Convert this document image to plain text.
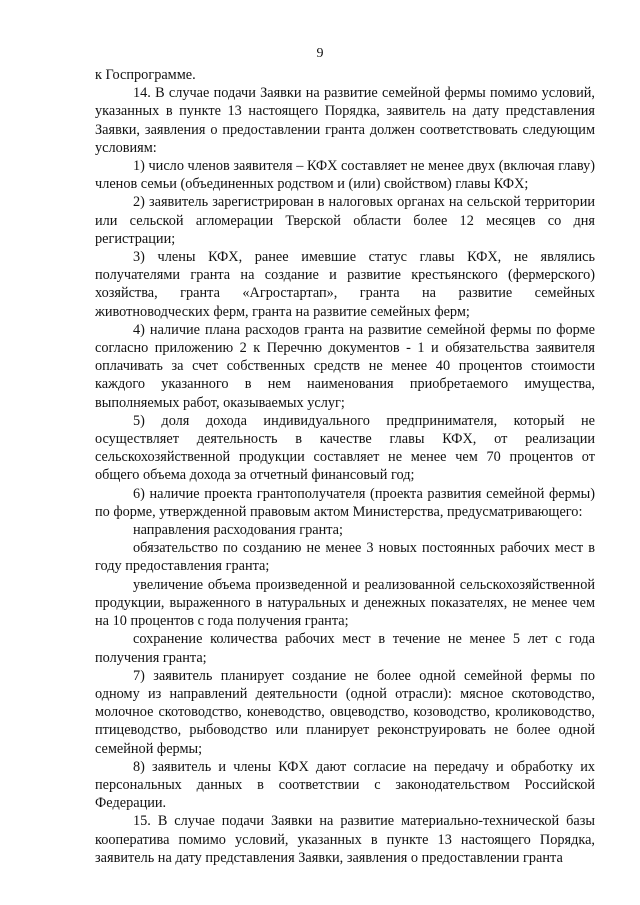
9

к Госпрограмме.

14. В случае подачи Заявки на развитие семейной фермы помимо условий, указанных в пункте 13 настоящего Порядка, заявитель на дату представления Заявки, заявления о предоставлении гранта должен соответствовать следующим условиям:

1) число членов заявителя – КФХ составляет не менее двух (включая главу) членов семьи (объединенных родством и (или) свойством) главы КФХ;

2) заявитель зарегистрирован в налоговых органах на сельской территории или сельской агломерации Тверской области более 12 месяцев со дня регистрации;

3) члены КФХ, ранее имевшие статус главы КФХ, не являлись получателями гранта на создание и развитие крестьянского (фермерского) хозяйства, гранта «Агростартап», гранта на развитие семейных животноводческих ферм, гранта на развитие семейных ферм;

4) наличие плана расходов гранта на развитие семейной фермы по форме согласно приложению 2 к Перечню документов - 1 и обязательства заявителя оплачивать за счет собственных средств не менее 40 процентов стоимости каждого указанного в нем наименования приобретаемого имущества, выполняемых работ, оказываемых услуг;

5) доля дохода индивидуального предпринимателя, который не осуществляет деятельность в качестве главы КФХ, от реализации сельскохозяйственной продукции составляет не менее чем 70 процентов от общего объема дохода за отчетный финансовый год;

6) наличие проекта грантополучателя (проекта развития семейной фермы) по форме, утвержденной правовым актом Министерства, предусматривающего:

направления расходования гранта;

обязательство по созданию не менее 3 новых постоянных рабочих мест в году предоставления гранта;

увеличение объема произведенной и реализованной сельскохозяйственной продукции, выраженного в натуральных и денежных показателях, не менее чем на 10 процентов с года получения гранта;

сохранение количества рабочих мест в течение не менее 5 лет с года получения гранта;

7) заявитель планирует создание не более одной семейной фермы по одному из направлений деятельности (одной отрасли): мясное скотоводство, молочное скотоводство, коневодство, овцеводство, козоводство, кролиководство, птицеводство, рыбоводство или планирует реконструировать не более одной семейной фермы;

8) заявитель и члены КФХ дают согласие на передачу и обработку их персональных данных в соответствии с законодательством Российской Федерации.

15. В случае подачи Заявки на развитие материально-технической базы кооператива помимо условий, указанных в пункте 13 настоящего Порядка, заявитель на дату представления Заявки, заявления о предоставлении гранта
